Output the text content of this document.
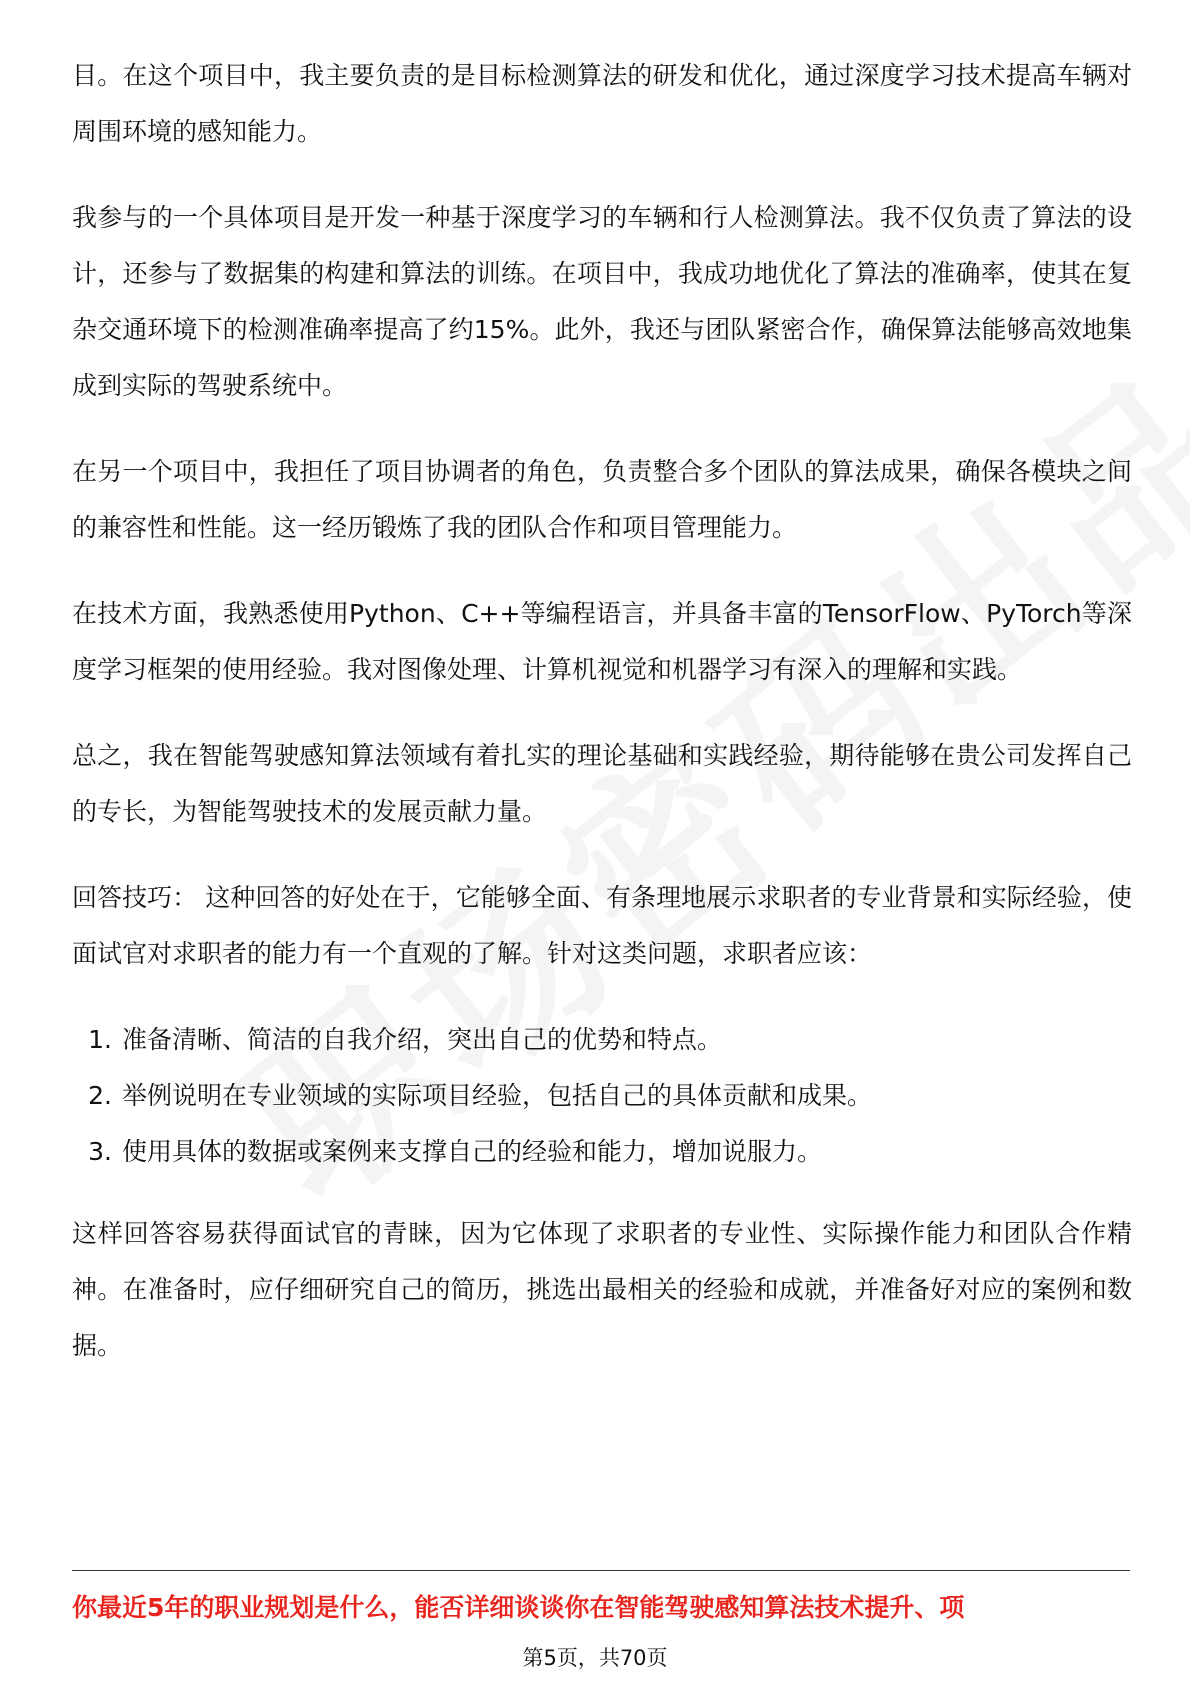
目。在这个项目中，我主要负责的是目标检测算法的研发和优化，通过深度学习技术提高车辆对周围环境的感知能力。

我参与的一个具体项目是开发一种基于深度学习的车辆和行人检测算法。我不仅负责了算法的设计，还参与了数据集的构建和算法的训练。在项目中，我成功地优化了算法的准确率，使其在复杂交通环境下的检测准确率提高了约15%。此外，我还与团队紧密合作，确保算法能够高效地集成到实际的驾驶系统中。

在另一个项目中，我担任了项目协调者的角色，负责整合多个团队的算法成果，确保各模块之间的兼容性和性能。这一经历锻炼了我的团队合作和项目管理能力。

在技术方面，我熟悉使用Python、C++等编程语言，并具备丰富的TensorFlow、PyTorch等深度学习框架的使用经验。我对图像处理、计算机视觉和机器学习有深入的理解和实践。

总之，我在智能驾驶感知算法领域有着扎实的理论基础和实践经验，期待能够在贵公司发挥自己的专长，为智能驾驶技术的发展贡献力量。

回答技巧： 这种回答的好处在于，它能够全面、有条理地展示求职者的专业背景和实际经验，使面试官对求职者的能力有一个直观的了解。针对这类问题，求职者应该：

1. 准备清晰、简洁的自我介绍，突出自己的优势和特点。
2. 举例说明在专业领域的实际项目经验，包括自己的具体贡献和成果。
3. 使用具体的数据或案例来支撑自己的经验和能力，增加说服力。

这样回答容易获得面试官的青睐，因为它体现了求职者的专业性、实际操作能力和团队合作精神。在准备时，应仔细研究自己的简历，挑选出最相关的经验和成就，并准备好对应的案例和数据。

你最近5年的职业规划是什么，能否详细谈谈你在智能驾驶感知算法技术提升、项
第5页，共70页
